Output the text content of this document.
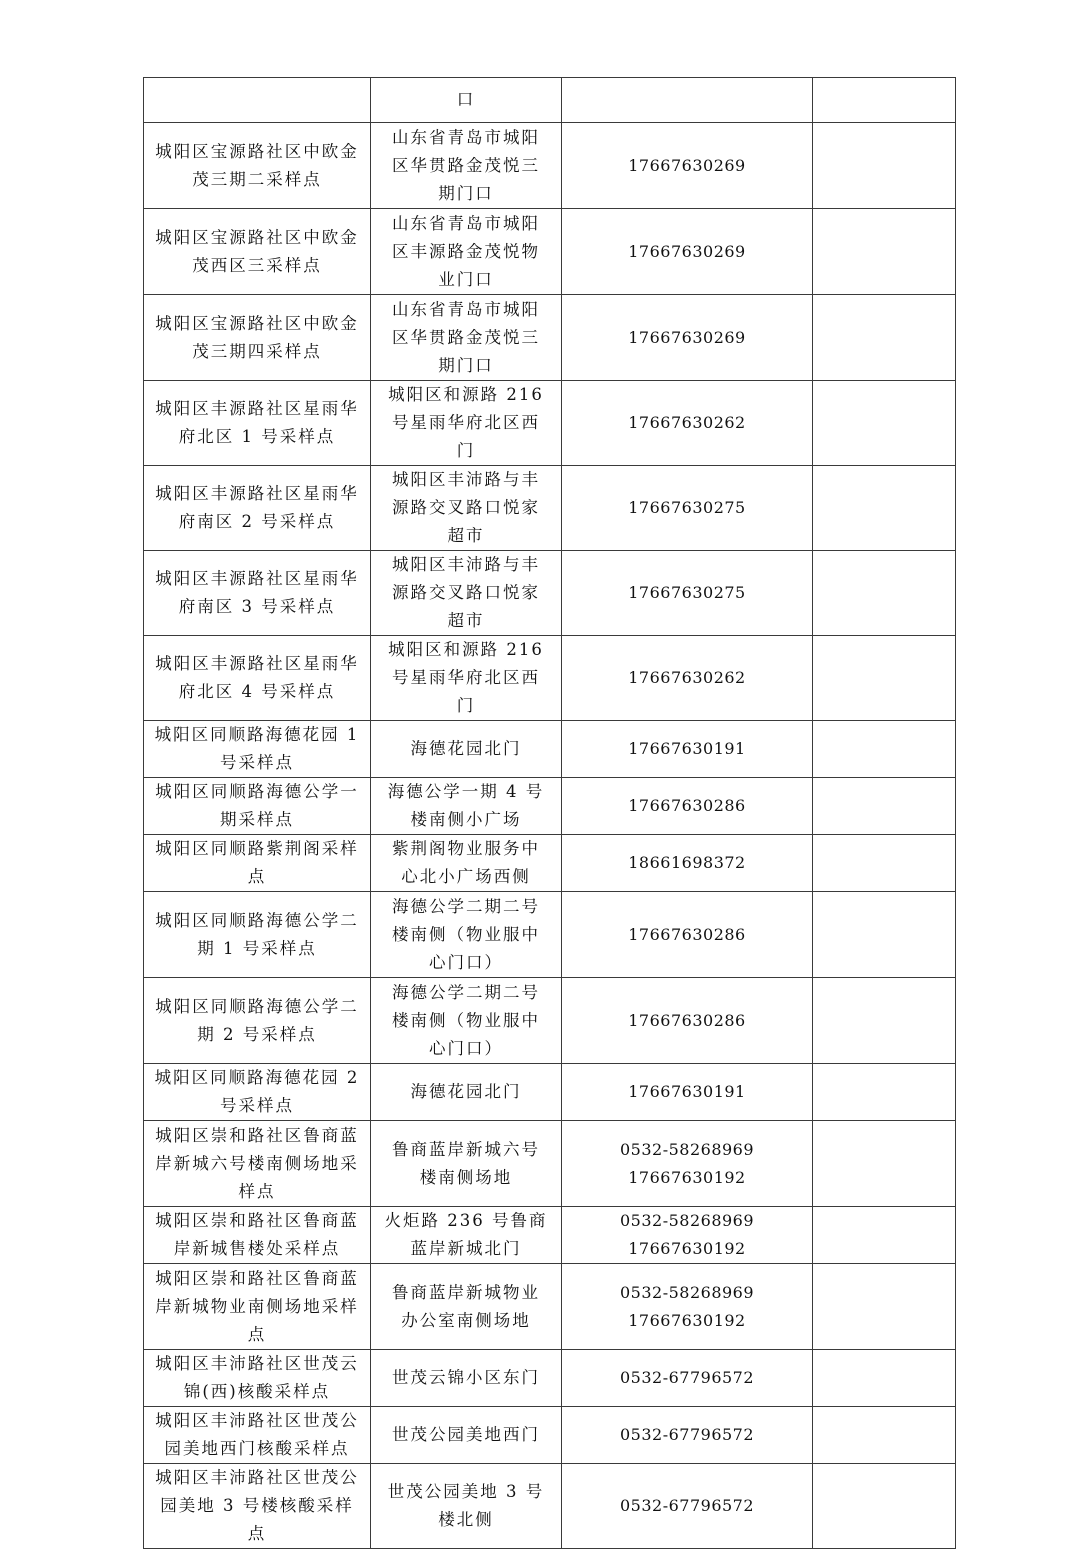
	口		
城阳区宝源路社区中欧金茂三期二采样点	山东省青岛市城阳区华贯路金茂悦三期门口	17667630269	

城阳区宝源路社区中欧金茂西区三采样点	山东省青岛市城阳区丰源路金茂悦物业门口	17667630269	

城阳区宝源路社区中欧金茂三期四采样点	山东省青岛市城阳区华贯路金茂悦三期门口	17667630269	

城阳区丰源路社区星雨华府北区 1 号采样点	城阳区和源路 216 号星雨华府北区西门	17667630262	

城阳区丰源路社区星雨华府南区 2 号采样点	城阳区丰沛路与丰源路交叉路口悦家超市	17667630275	

城阳区丰源路社区星雨华府南区 3 号采样点	城阳区丰沛路与丰源路交叉路口悦家超市	17667630275	

城阳区丰源路社区星雨华府北区 4 号采样点	城阳区和源路 216 号星雨华府北区西门	17667630262	

城阳区同顺路海德花园 1 号采样点	海德花园北门	17667630191	

城阳区同顺路海德公学一期采样点	海德公学一期 4 号楼南侧小广场	17667630286	

城阳区同顺路紫荆阁采样点	紫荆阁物业服务中心北小广场西侧	18661698372	

城阳区同顺路海德公学二期 1 号采样点	海德公学二期二号楼南侧（物业服中心门口）	17667630286	

城阳区同顺路海德公学二期 2 号采样点	海德公学二期二号楼南侧（物业服中心门口）	17667630286	

城阳区同顺路海德花园 2 号采样点	海德花园北门	17667630191	

城阳区崇和路社区鲁商蓝岸新城六号楼南侧场地采样点	鲁商蓝岸新城六号楼南侧场地	0532-58268969
17667630192	

城阳区崇和路社区鲁商蓝岸新城售楼处采样点	火炬路 236 号鲁商蓝岸新城北门	0532-58268969
17667630192	

城阳区崇和路社区鲁商蓝岸新城物业南侧场地采样点	鲁商蓝岸新城物业办公室南侧场地	0532-58268969
17667630192	

城阳区丰沛路社区世茂云锦(西)核酸采样点	世茂云锦小区东门	0532-67796572	

城阳区丰沛路社区世茂公园美地西门核酸采样点	世茂公园美地西门	0532-67796572	

城阳区丰沛路社区世茂公园美地 3 号楼核酸采样点	世茂公园美地 3 号楼北侧	0532-67796572	
